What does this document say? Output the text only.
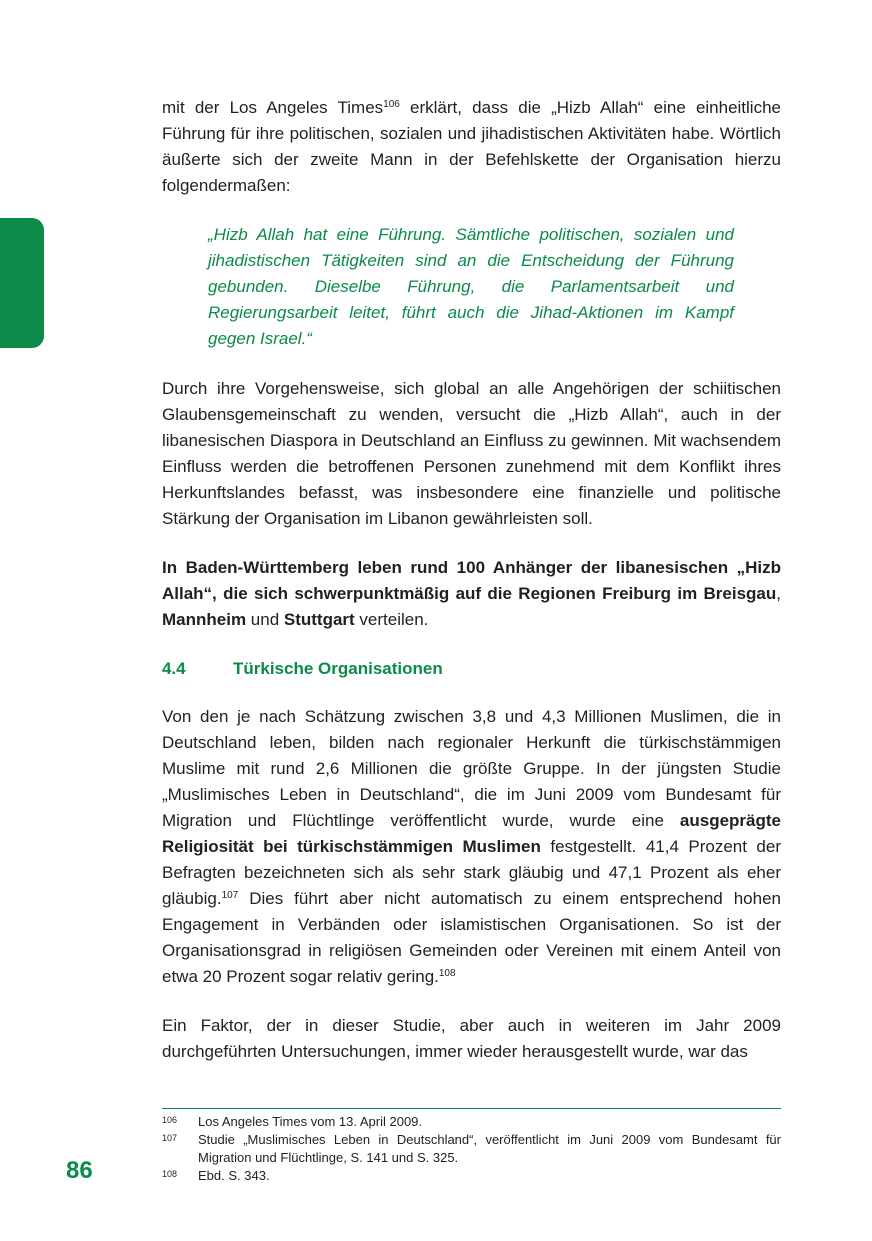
mit der Los Angeles Times$^{106}$ erklärt, dass die „Hizb Allah“ eine einheitliche Führung für ihre politischen, sozialen und jihadistischen Aktivitäten habe. Wörtlich äußerte sich der zweite Mann in der Befehlskette der Organisation hierzu folgendermaßen:

„Hizb Allah hat eine Führung. Sämtliche politischen, sozialen und jihadistischen Tätigkeiten sind an die Entscheidung der Führung gebunden. Dieselbe Führung, die Parlamentsarbeit und Regierungsarbeit leitet, führt auch die Jihad-Aktionen im Kampf gegen Israel.“

Durch ihre Vorgehensweise, sich global an alle Angehörigen der schiitischen Glaubensgemeinschaft zu wenden, versucht die „Hizb Allah“, auch in der libanesischen Diaspora in Deutschland an Einfluss zu gewinnen. Mit wachsendem Einfluss werden die betroffenen Personen zunehmend mit dem Konflikt ihres Herkunftslandes befasst, was insbesondere eine finanzielle und politische Stärkung der Organisation im Libanon gewährleisten soll.

In Baden-Württemberg leben rund 100 Anhänger der libanesischen „Hizb Allah“, die sich schwerpunktmäßig auf die Regionen Freiburg im Breisgau, Mannheim und Stuttgart verteilen.

4.4	Türkische Organisationen

Von den je nach Schätzung zwischen 3,8 und 4,3 Millionen Muslimen, die in Deutschland leben, bilden nach regionaler Herkunft die türkischstämmigen Muslime mit rund 2,6 Millionen die größte Gruppe. In der jüngsten Studie „Muslimisches Leben in Deutschland“, die im Juni 2009 vom Bundesamt für Migration und Flüchtlinge veröffentlicht wurde, wurde eine ausgeprägte Religiosität bei türkischstämmigen Muslimen festgestellt. 41,4 Prozent der Befragten bezeichneten sich als sehr stark gläubig und 47,1 Prozent als eher gläubig.$^{107}$ Dies führt aber nicht automatisch zu einem entsprechend hohen Engagement in Verbänden oder islamistischen Organisationen. So ist der Organisationsgrad in religiösen Gemeinden oder Vereinen mit einem Anteil von etwa 20 Prozent sogar relativ gering.$^{108}$

Ein Faktor, der in dieser Studie, aber auch in weiteren im Jahr 2009 durchgeführten Untersuchungen, immer wieder herausgestellt wurde, war das

106 Los Angeles Times vom 13. April 2009.
107 Studie „Muslimisches Leben in Deutschland“, veröffentlicht im Juni 2009 vom Bundesamt für Migration und Flüchtlinge, S. 141 und S. 325.
108 Ebd. S. 343.
86
